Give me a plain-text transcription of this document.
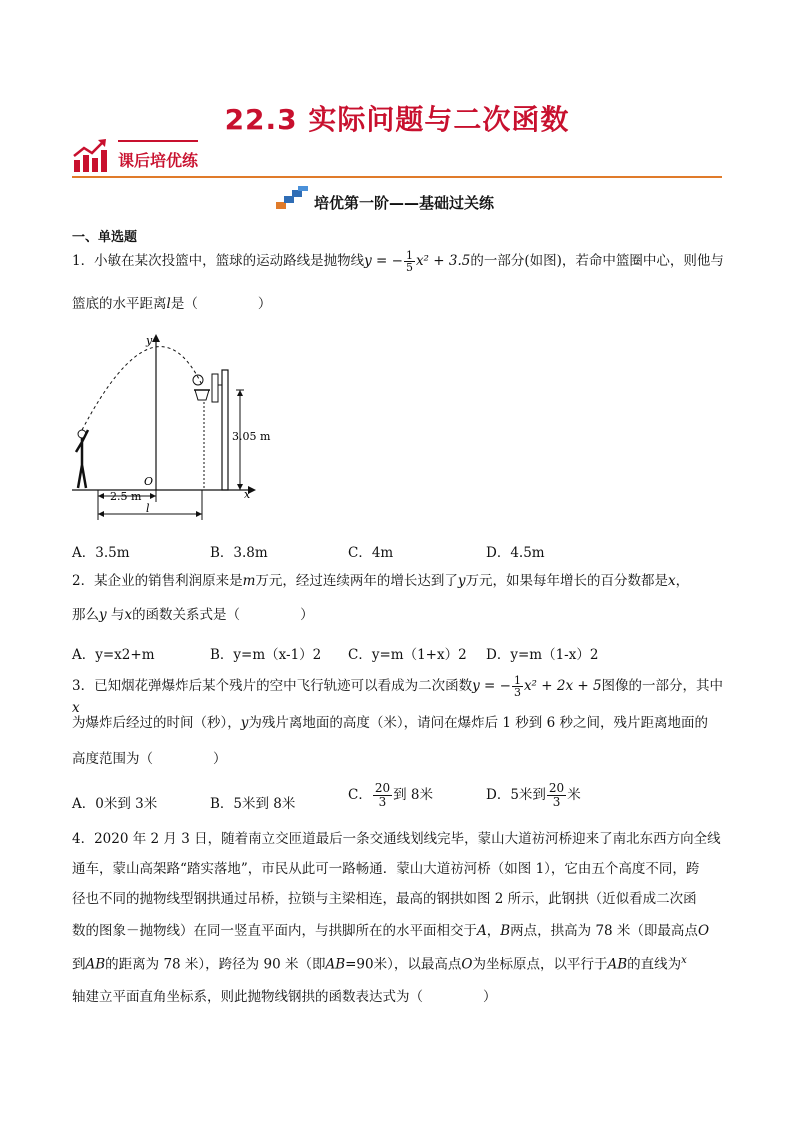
22.3 实际问题与二次函数
课后培优练
培优第一阶——基础过关练
一、单选题
1．小敏在某次投篮中，篮球的运动路线是抛物线y = − $\frac{1}{5} x^2 + 3.5$的一部分(如图)，若命中篮圈中心，则他与
篮底的水平距离l是（	）
x
y
O
3.05 m
2.5 m
l
A．3.5m	B．3.8m	C．4m	D．4.5m
2．某企业的销售利润原来是m万元，经过连续两年的增长达到了y万元，如果每年增长的百分数都是x，
那么y 与x的函数关系式是（	）
A．y=x2+m	B．y=m（x-1）2 C．y=m（1+x）2 D．y=m（1-x）2
3．已知烟花弹爆炸后某个残片的空中飞行轨迹可以看成为二次函数y = − $\frac{1}{3} x^2 + 2x + 5$图像的一部分，其中x
为爆炸后经过的时间（秒），y为残片离地面的高度（米），请问在爆炸后 1 秒到 6 秒之间，残片距离地面的
高度范围为（	）
A．0米到 3米	B．5米到 8米
C． $\frac{20}{3}$ 到 8米	D．5米到 $\frac{20}{3}$ 米
4．2020 年 2 月 3 日，随着南立交匝道最后一条交通线划线完毕，蒙山大道祊河桥迎来了南北东西方向全线
通车，蒙山高架路“踏实落地”，市民从此可一路畅通．蒙山大道祊河桥（如图 1），它由五个高度不同，跨
径也不同的抛物线型钢拱通过吊桥，拉锁与主梁相连，最高的钢拱如图 2 所示，此钢拱（近似看成二次函
数的图象－抛物线）在同一竖直平面内，与拱脚所在的水平面相交于A，B两点，拱高为 78 米（即最高点O
到AB的距离为 78 米），跨径为 90 米（即AB=90米），以最高点O为坐标原点，以平行于AB的直线为$^x$
轴建立平面直角坐标系，则此抛物线钢拱的函数表达式为（	）
